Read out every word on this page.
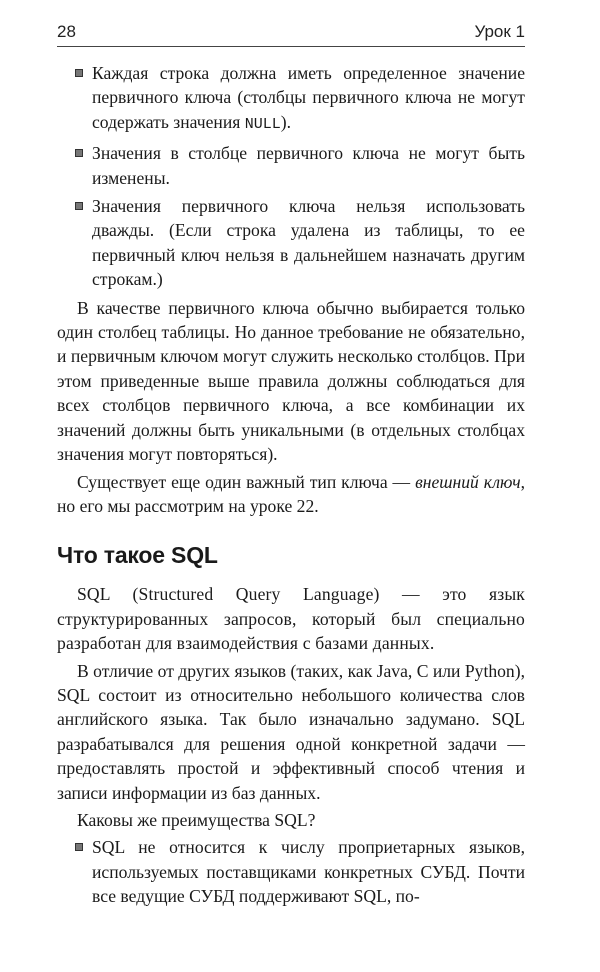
28	Урок 1
Каждая строка должна иметь определенное значение первичного ключа (столбцы первичного ключа не могут содержать значения NULL).
Значения в столбце первичного ключа не могут быть изменены.
Значения первичного ключа нельзя использовать дважды. (Если строка удалена из таблицы, то ее первичный ключ нельзя в дальнейшем назначать другим строкам.)

В качестве первичного ключа обычно выбирается только один столбец таблицы. Но данное требование не обязательно, и первичным ключом могут служить несколько столбцов. При этом приведенные выше правила должны соблюдаться для всех столбцов первичного ключа, а все комбинации их значений должны быть уникальными (в отдельных столбцах значения могут повторяться).

Существует еще один важный тип ключа — внешний ключ, но его мы рассмотрим на уроке 22.

Что такое SQL

SQL (Structured Query Language) — это язык структурированных запросов, который был специально разработан для взаимодействия с базами данных.

В отличие от других языков (таких, как Java, C или Python), SQL состоит из относительно небольшого количества слов английского языка. Так было изначально задумано. SQL разрабатывался для решения одной конкретной задачи — предоставлять простой и эффективный способ чтения и записи информации из баз данных.

Каковы же преимущества SQL?

SQL не относится к числу проприетарных языков, используемых поставщиками конкретных СУБД. Почти все ведущие СУБД поддерживают SQL, по-
